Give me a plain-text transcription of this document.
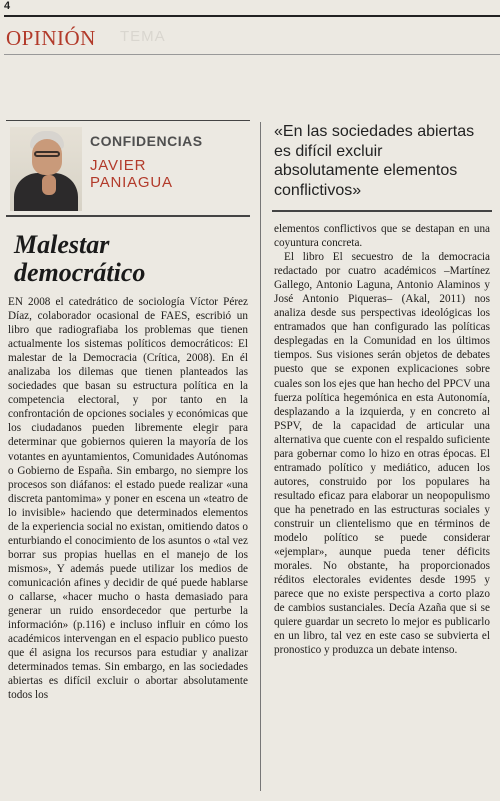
4
OPINIÓN TEMA
CONFIDENCIAS
JAVIER
PANIAGUA
Malestar
democrático

EN 2008 el catedrático de sociología Víctor Pérez Díaz, colaborador ocasional de FAES, escribió un libro que radiografiaba los problemas que tienen actualmente los sistemas políticos democráticos: El malestar de la Democracia (Crítica, 2008). En él analizaba los dilemas que tienen planteados las sociedades que basan su estructura política en la competencia electoral, y por tanto en la confrontación de opciones sociales y económicas que los ciudadanos pueden libremente elegir para determinar que gobiernos quieren la mayoría de los votantes en ayuntamientos, Comunidades Autónomas o Gobierno de España. Sin embargo, no siempre los procesos son diáfanos: el estado puede realizar «una discreta pantomima» y poner en escena un «teatro de lo invisible» haciendo que determinados elementos de la experiencia social no existan, omitiendo datos o enturbiando el conocimiento de los asuntos o «tal vez borrar sus propias huellas en el manejo de los mismos», Y además puede utilizar los medios de comunicación afines y decidir de qué puede hablarse o callarse, «hacer mucho o hasta demasiado para generar un ruido ensordecedor que perturbe la información» (p.116) e incluso influir en cómo los académicos intervengan en el espacio publico puesto que él asigna los recursos para estudiar y analizar determinados temas. Sin embargo, en las sociedades abiertas es difícil excluir o abortar absolutamente todos los

«En las sociedades abiertas es difícil excluir absolutamente elementos conflictivos»

elementos conflictivos que se destapan en una coyuntura concreta.

El libro El secuestro de la democracia redactado por cuatro académicos –Martínez Gallego, Antonio Laguna, Antonio Alaminos y José Antonio Piqueras– (Akal, 2011) nos analiza desde sus perspectivas ideológicas los entramados que han configurado las políticas desplegadas en la Comunidad en los últimos tiempos. Sus visiones serán objetos de debates puesto que se exponen explicaciones sobre cuales son los ejes que han hecho del PPCV una fuerza política hegemónica en esta Autonomía, desplazando a la izquierda, y en concreto al PSPV, de la capacidad de articular una alternativa que cuente con el respaldo suficiente para gobernar como lo hizo en otras épocas. El entramado político y mediático, aducen los autores, construido por los populares ha resultado eficaz para elaborar un neopopulismo que ha penetrado en las estructuras sociales y construir un clientelismo que en términos de modelo político se puede considerar «ejemplar», aunque pueda tener déficits morales. No obstante, ha proporcionados réditos electorales evidentes desde 1995 y parece que no existe perspectiva a corto plazo de cambios sustanciales. Decía Azaña que si se quiere guardar un secreto lo mejor es publicarlo en un libro, tal vez en este caso se subvierta el pronostico y produzca un debate intenso.
